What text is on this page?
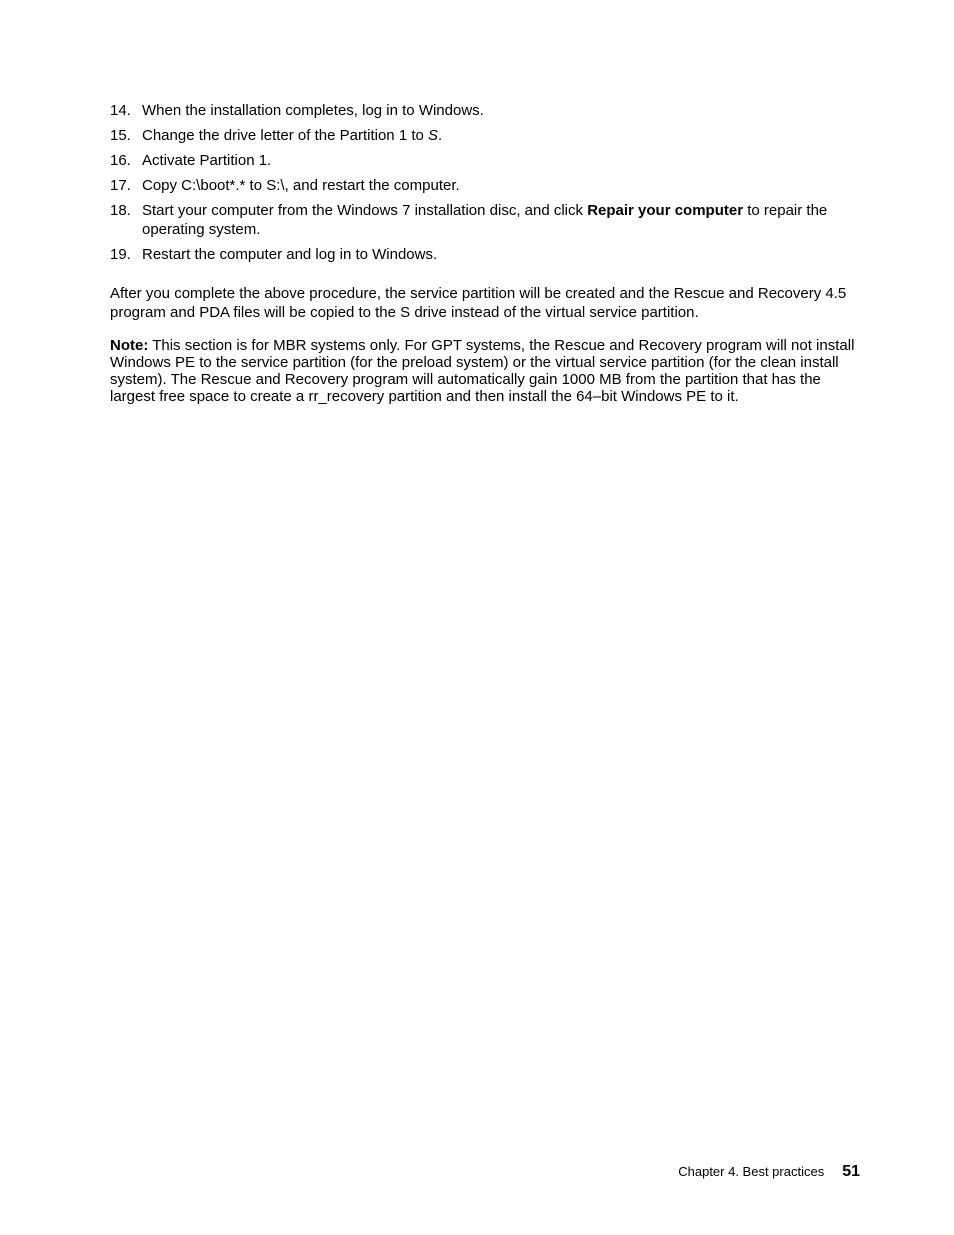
14. When the installation completes, log in to Windows.
15. Change the drive letter of the Partition 1 to S.
16. Activate Partition 1.
17. Copy C:\boot*.* to S:\, and restart the computer.
18. Start your computer from the Windows 7 installation disc, and click Repair your computer to repair the operating system.
19. Restart the computer and log in to Windows.

After you complete the above procedure, the service partition will be created and the Rescue and Recovery 4.5 program and PDA files will be copied to the S drive instead of the virtual service partition.

Note: This section is for MBR systems only. For GPT systems, the Rescue and Recovery program will not install Windows PE to the service partition (for the preload system) or the virtual service partition (for the clean install system). The Rescue and Recovery program will automatically gain 1000 MB from the partition that has the largest free space to create a rr_recovery partition and then install the 64–bit Windows PE to it.

Chapter 4. Best practices 51
